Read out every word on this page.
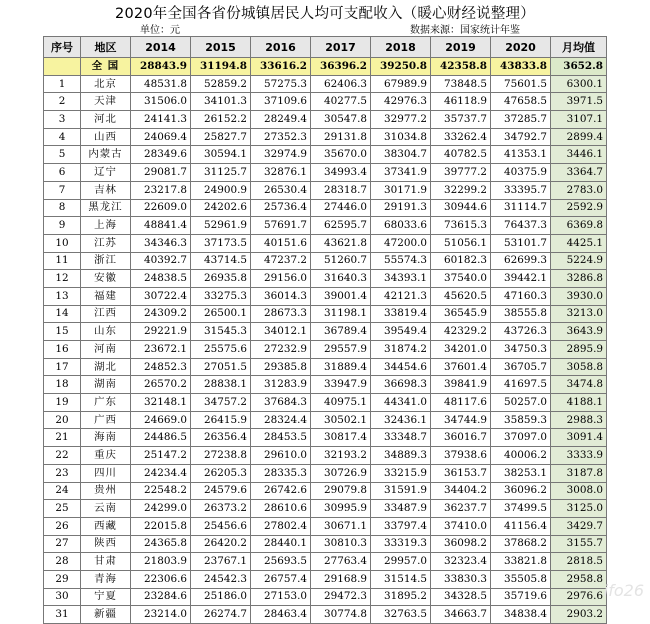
2020年全国各省份城镇居民人均可支配收入（暖心财经说整理）
单位：元	数据来源：国家统计年鉴
序号	地区	2014	2015	2016	2017	2018	2019	2020	月均值
	全 国	28843.9	31194.8	33616.2	36396.2	39250.8	42358.8	43833.8	3652.8
1	北京	48531.8	52859.2	57275.3	62406.3	67989.9	73848.5	75601.5	6300.1
2	天津	31506.0	34101.3	37109.6	40277.5	42976.3	46118.9	47658.5	3971.5
3	河北	24141.3	26152.2	28249.4	30547.8	32977.2	35737.7	37285.7	3107.1
4	山西	24069.4	25827.7	27352.3	29131.8	31034.8	33262.4	34792.7	2899.4
5	内蒙古	28349.6	30594.1	32974.9	35670.0	38304.7	40782.5	41353.1	3446.1
6	辽宁	29081.7	31125.7	32876.1	34993.4	37341.9	39777.2	40375.9	3364.7
7	吉林	23217.8	24900.9	26530.4	28318.7	30171.9	32299.2	33395.7	2783.0
8	黑龙江	22609.0	24202.6	25736.4	27446.0	29191.3	30944.6	31114.7	2592.9
9	上海	48841.4	52961.9	57691.7	62595.7	68033.6	73615.3	76437.3	6369.8
10	江苏	34346.3	37173.5	40151.6	43621.8	47200.0	51056.1	53101.7	4425.1
11	浙江	40392.7	43714.5	47237.2	51260.7	55574.3	60182.3	62699.3	5224.9
12	安徽	24838.5	26935.8	29156.0	31640.3	34393.1	37540.0	39442.1	3286.8
13	福建	30722.4	33275.3	36014.3	39001.4	42121.3	45620.5	47160.3	3930.0
14	江西	24309.2	26500.1	28673.3	31198.1	33819.4	36545.9	38555.8	3213.0
15	山东	29221.9	31545.3	34012.1	36789.4	39549.4	42329.2	43726.3	3643.9
16	河南	23672.1	25575.6	27232.9	29557.9	31874.2	34201.0	34750.3	2895.9
17	湖北	24852.3	27051.5	29385.8	31889.4	34454.6	37601.4	36705.7	3058.8
18	湖南	26570.2	28838.1	31283.9	33947.9	36698.3	39841.9	41697.5	3474.8
19	广东	32148.1	34757.2	37684.3	40975.1	44341.0	48117.6	50257.0	4188.1
20	广西	24669.0	26415.9	28324.4	30502.1	32436.1	34744.9	35859.3	2988.3
21	海南	24486.5	26356.4	28453.5	30817.4	33348.7	36016.7	37097.0	3091.4
22	重庆	25147.2	27238.8	29610.0	32193.2	34889.3	37938.6	40006.2	3333.9
23	四川	24234.4	26205.3	28335.3	30726.9	33215.9	36153.7	38253.1	3187.8
24	贵州	22548.2	24579.6	26742.6	29079.8	31591.9	34404.2	36096.2	3008.0
25	云南	24299.0	26373.2	28610.6	30995.9	33487.9	36237.7	37499.5	3125.0
26	西藏	22015.8	25456.6	27802.4	30671.1	33797.4	37410.0	41156.4	3429.7
27	陕西	24365.8	26420.2	28440.1	30810.3	33319.3	36098.2	37868.2	3155.7
28	甘肃	21803.9	23767.1	25693.5	27763.4	29957.0	32323.4	33821.8	2818.5
29	青海	22306.6	24542.3	26757.4	29168.9	31514.5	33830.3	35505.8	2958.8
30	宁夏	23284.6	25186.0	27153.0	29472.3	31895.2	34328.5	35719.6	2976.6
31	新疆	23214.0	26274.7	28463.4	30774.8	32763.5	34663.7	34838.4	2903.2
ifo26
